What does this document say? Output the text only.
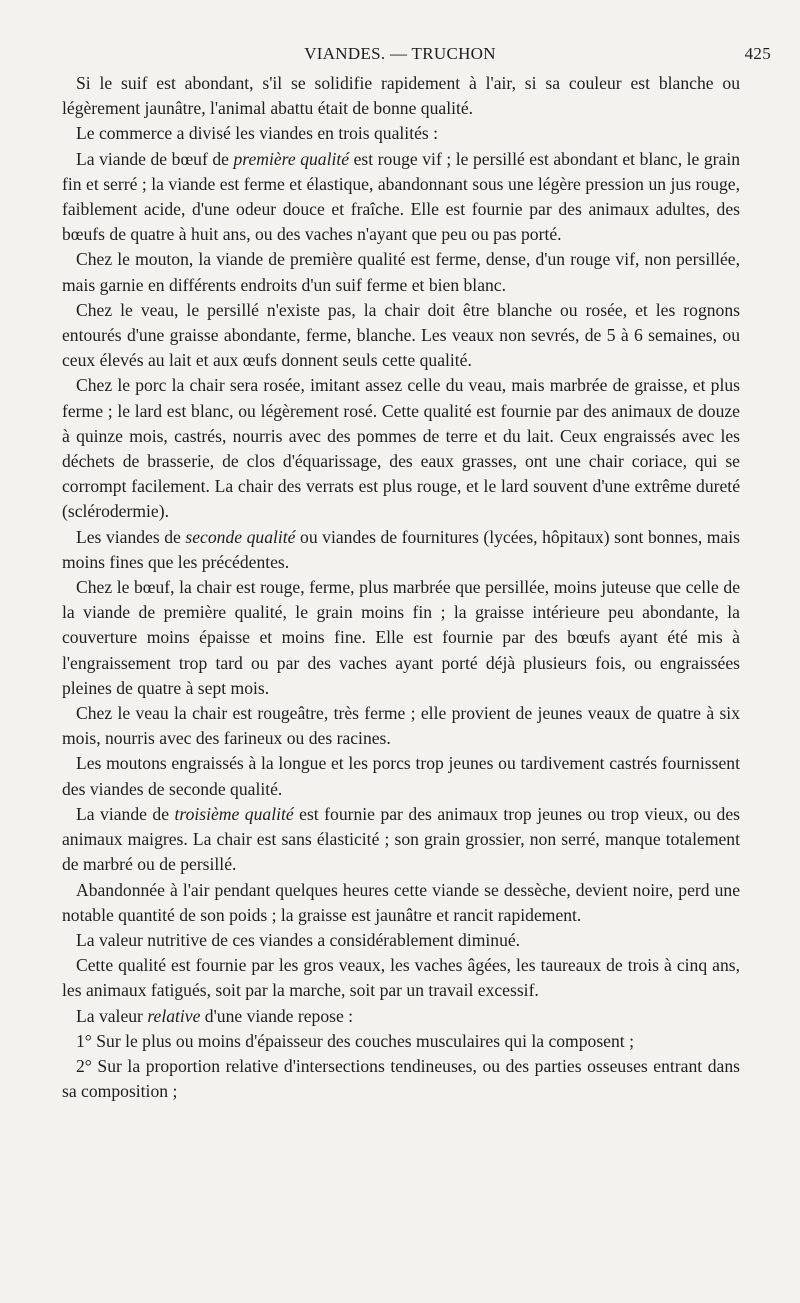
VIANDES. — TRUCHON	425

Si le suif est abondant, s'il se solidifie rapidement à l'air, si sa couleur est blanche ou légèrement jaunâtre, l'animal abattu était de bonne qualité.

Le commerce a divisé les viandes en trois qualités :

La viande de bœuf de première qualité est rouge vif ; le persillé est abondant et blanc, le grain fin et serré ; la viande est ferme et élastique, abandonnant sous une légère pression un jus rouge, faiblement acide, d'une odeur douce et fraîche. Elle est fournie par des animaux adultes, des bœufs de quatre à huit ans, ou des vaches n'ayant que peu ou pas porté.

Chez le mouton, la viande de première qualité est ferme, dense, d'un rouge vif, non persillée, mais garnie en différents endroits d'un suif ferme et bien blanc.

Chez le veau, le persillé n'existe pas, la chair doit être blanche ou rosée, et les rognons entourés d'une graisse abondante, ferme, blanche. Les veaux non sevrés, de 5 à 6 semaines, ou ceux élevés au lait et aux œufs donnent seuls cette qualité.

Chez le porc la chair sera rosée, imitant assez celle du veau, mais marbrée de graisse, et plus ferme ; le lard est blanc, ou légèrement rosé. Cette qualité est fournie par des animaux de douze à quinze mois, castrés, nourris avec des pommes de terre et du lait. Ceux engraissés avec les déchets de brasserie, de clos d'équarissage, des eaux grasses, ont une chair coriace, qui se corrompt facilement. La chair des verrats est plus rouge, et le lard souvent d'une extrême dureté (sclérodermie).

Les viandes de seconde qualité ou viandes de fournitures (lycées, hôpitaux) sont bonnes, mais moins fines que les précédentes.

Chez le bœuf, la chair est rouge, ferme, plus marbrée que persillée, moins juteuse que celle de la viande de première qualité, le grain moins fin ; la graisse intérieure peu abondante, la couverture moins épaisse et moins fine. Elle est fournie par des bœufs ayant été mis à l'engraissement trop tard ou par des vaches ayant porté déjà plusieurs fois, ou engraissées pleines de quatre à sept mois.

Chez le veau la chair est rougeâtre, très ferme ; elle provient de jeunes veaux de quatre à six mois, nourris avec des farineux ou des racines.

Les moutons engraissés à la longue et les porcs trop jeunes ou tardivement castrés fournissent des viandes de seconde qualité.

La viande de troisième qualité est fournie par des animaux trop jeunes ou trop vieux, ou des animaux maigres. La chair est sans élasticité ; son grain grossier, non serré, manque totalement de marbré ou de persillé.

Abandonnée à l'air pendant quelques heures cette viande se dessèche, devient noire, perd une notable quantité de son poids ; la graisse est jaunâtre et rancit rapidement.

La valeur nutritive de ces viandes a considérablement diminué.

Cette qualité est fournie par les gros veaux, les vaches âgées, les taureaux de trois à cinq ans, les animaux fatigués, soit par la marche, soit par un travail excessif.

La valeur relative d'une viande repose :

1° Sur le plus ou moins d'épaisseur des couches musculaires qui la composent ;

2° Sur la proportion relative d'intersections tendineuses, ou des parties osseuses entrant dans sa composition ;
